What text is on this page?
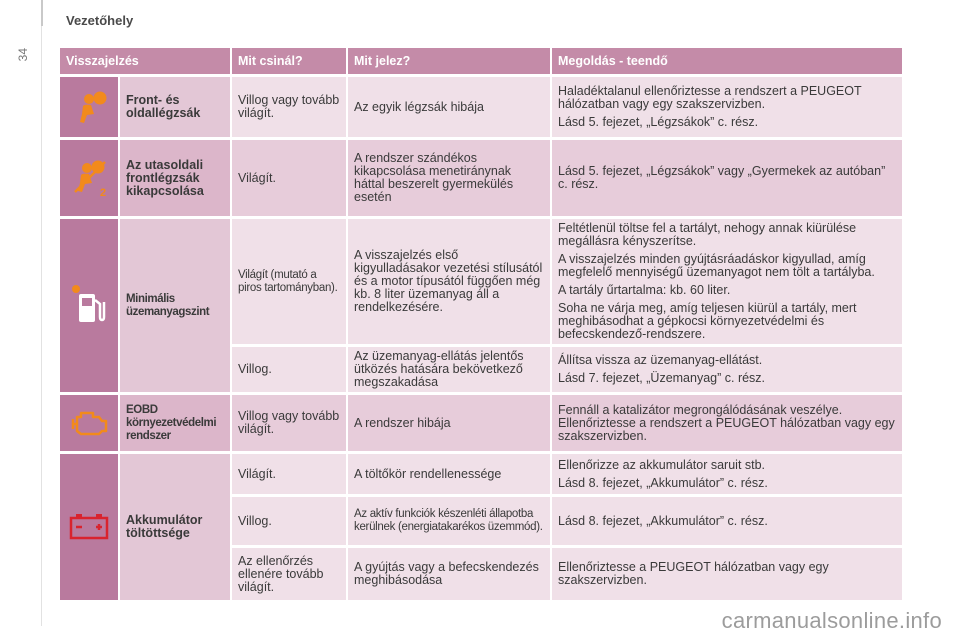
34
Vezetőhely
Visszajelzés		Mit csinál?	Mit jelez?	Megoldás - teendő

	Front- és oldallégzsák	Villog vagy tovább világít.	Az egyik légzsák hibája	Haladéktalanul ellenőriztesse a rendszert a PEUGEOT hálózatban vagy egy szakszervizben.

Lásd 5. fejezet, „Légzsákok” c. rész.

2	Az utasoldali frontlégzsák kikapcsolása	Világít.	A rendszer szándékos kikapcsolása menetiránynak háttal beszerelt gyermekülés esetén	Lásd 5. fejezet, „Légzsákok” vagy „Gyermekek az autóban” c. rész.

	Minimális üzemanyagszint	Világít (mutató a piros tartományban).	A visszajelzés első kigyulladásakor vezetési stílusától és a motor típusától függően még kb. 8 liter üzemanyag áll a rendelkezésére.	Feltétlenül töltse fel a tartályt, nehogy annak kiürülése megállásra kényszerítse.

A visszajelzés minden gyújtásráadáskor kigyullad, amíg megfelelő mennyiségű üzemanyagot nem tölt a tartályba.

A tartály űrtartalma: kb. 60 liter.

Soha ne várja meg, amíg teljesen kiürül a tartály, mert meghibásodhat a gépkocsi környezetvédelmi és befecskendező-rendszere.

		Villog.	Az üzemanyag-ellátás jelentős ütközés hatására bekövetkező megszakadása	Állítsa vissza az üzemanyag-ellátást.

Lásd 7. fejezet, „Üzemanyag” c. rész.

	EOBD környezetvédelmi rendszer	Villog vagy tovább világít.	A rendszer hibája	Fennáll a katalizátor megrongálódásának veszélye. Ellenőriztesse a rendszert a PEUGEOT hálózatban vagy egy szakszervizben.

	Akkumulátor töltöttsége	Világít.	A töltőkör rendellenessége	Ellenőrizze az akkumulátor saruit stb.

Lásd 8. fejezet, „Akkumulátor” c. rész.

		Villog.	Az aktív funkciók készenléti állapotba kerülnek (energiatakarékos üzemmód).	Lásd 8. fejezet, „Akkumulátor” c. rész.

		Az ellenőrzés ellenére tovább világít.	A gyújtás vagy a befecskendezés meghibásodása	Ellenőriztesse a PEUGEOT hálózatban vagy egy szakszervizben.

carmanualsonline.info
